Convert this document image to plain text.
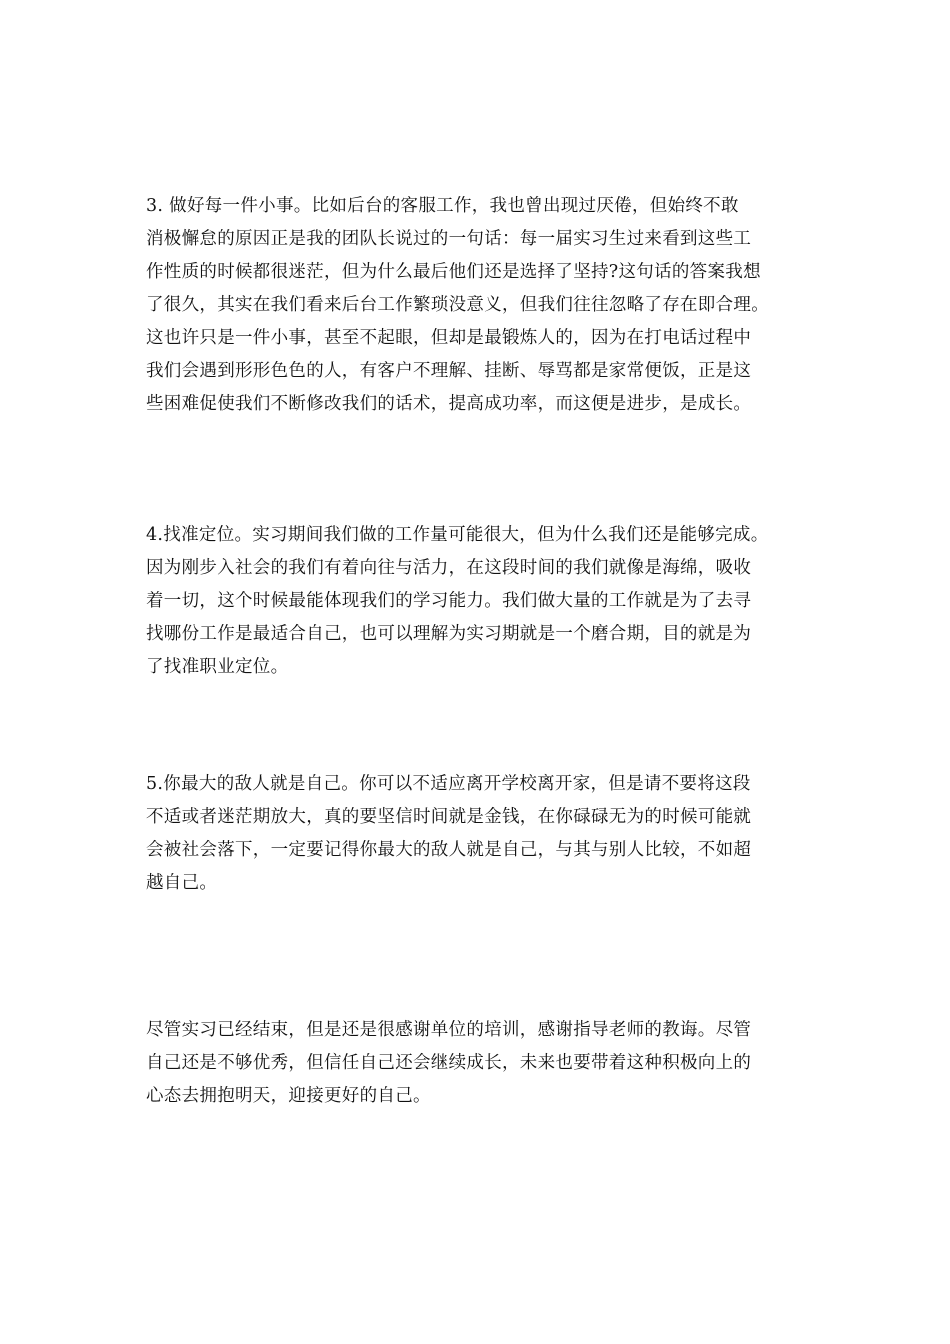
3. 做好每一件小事。比如后台的客服工作，我也曾出现过厌倦，但始终不敢
消极懈怠的原因正是我的团队长说过的一句话：每一届实习生过来看到这些工
作性质的时候都很迷茫，但为什么最后他们还是选择了坚持?这句话的答案我想
了很久，其实在我们看来后台工作繁琐没意义，但我们往往忽略了存在即合理。
这也许只是一件小事，甚至不起眼，但却是最锻炼人的，因为在打电话过程中
我们会遇到形形色色的人，有客户不理解、挂断、辱骂都是家常便饭，正是这
些困难促使我们不断修改我们的话术，提高成功率，而这便是进步，是成长。
4.找准定位。实习期间我们做的工作量可能很大，但为什么我们还是能够完成。
因为刚步入社会的我们有着向往与活力，在这段时间的我们就像是海绵，吸收
着一切，这个时候最能体现我们的学习能力。我们做大量的工作就是为了去寻
找哪份工作是最适合自己，也可以理解为实习期就是一个磨合期，目的就是为
了找准职业定位。
5.你最大的敌人就是自己。你可以不适应离开学校离开家，但是请不要将这段
不适或者迷茫期放大，真的要坚信时间就是金钱，在你碌碌无为的时候可能就
会被社会落下，一定要记得你最大的敌人就是自己，与其与别人比较，不如超
越自己。
尽管实习已经结束，但是还是很感谢单位的培训，感谢指导老师的教诲。尽管
自己还是不够优秀，但信任自己还会继续成长，未来也要带着这种积极向上的
心态去拥抱明天，迎接更好的自己。
